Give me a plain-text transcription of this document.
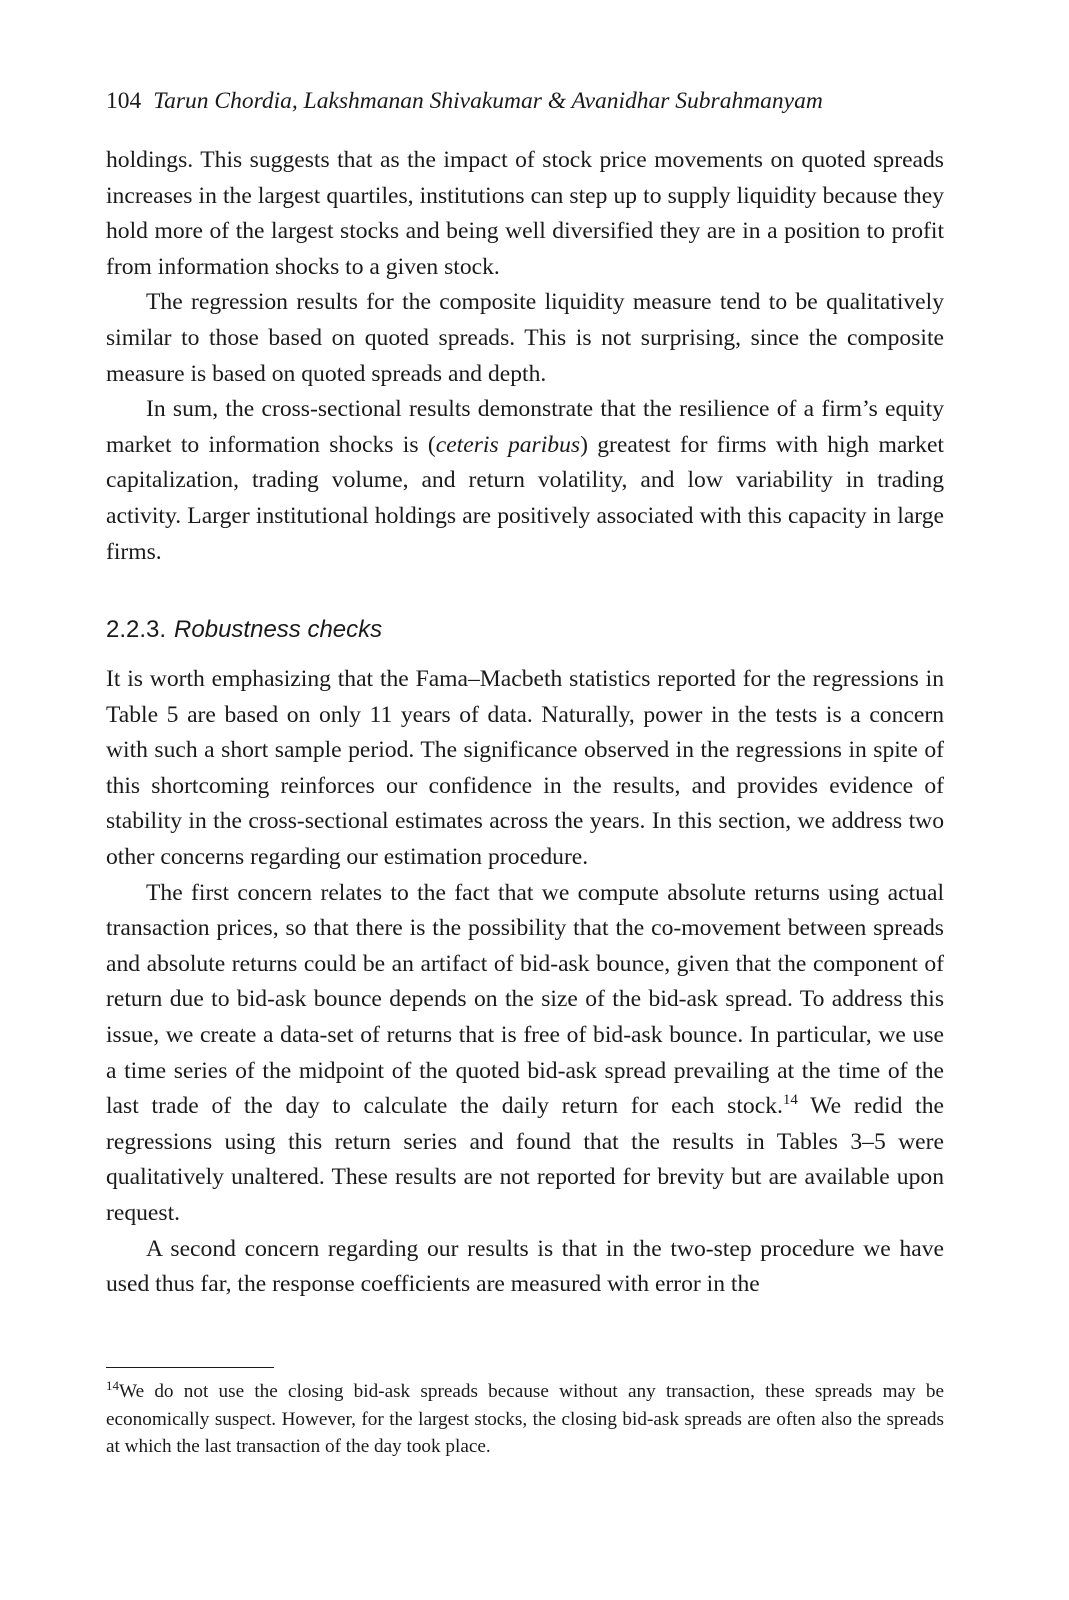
104 Tarun Chordia, Lakshmanan Shivakumar & Avanidhar Subrahmanyam

holdings. This suggests that as the impact of stock price movements on quoted spreads increases in the largest quartiles, institutions can step up to supply liquidity because they hold more of the largest stocks and being well diversified they are in a position to profit from information shocks to a given stock.

The regression results for the composite liquidity measure tend to be qualitatively similar to those based on quoted spreads. This is not surprising, since the composite measure is based on quoted spreads and depth.

In sum, the cross-sectional results demonstrate that the resilience of a firm’s equity market to information shocks is (ceteris paribus) greatest for firms with high market capitalization, trading volume, and return volatility, and low variability in trading activity. Larger institutional holdings are positively associated with this capacity in large firms.

2.2.3. Robustness checks

It is worth emphasizing that the Fama–Macbeth statistics reported for the regressions in Table 5 are based on only 11 years of data. Naturally, power in the tests is a concern with such a short sample period. The significance observed in the regressions in spite of this shortcoming reinforces our confidence in the results, and provides evidence of stability in the cross-sectional estimates across the years. In this section, we address two other concerns regarding our estimation procedure.

The first concern relates to the fact that we compute absolute returns using actual transaction prices, so that there is the possibility that the co-movement between spreads and absolute returns could be an artifact of bid-ask bounce, given that the component of return due to bid-ask bounce depends on the size of the bid-ask spread. To address this issue, we create a data-set of returns that is free of bid-ask bounce. In particular, we use a time series of the midpoint of the quoted bid-ask spread prevailing at the time of the last trade of the day to calculate the daily return for each stock.$^{14}$ We redid the regressions using this return series and found that the results in Tables 3–5 were qualitatively unaltered. These results are not reported for brevity but are available upon request.

A second concern regarding our results is that in the two-step procedure we have used thus far, the response coefficients are measured with error in the

$^{14}$We do not use the closing bid-ask spreads because without any transaction, these spreads may be economically suspect. However, for the largest stocks, the closing bid-ask spreads are often also the spreads at which the last transaction of the day took place.
